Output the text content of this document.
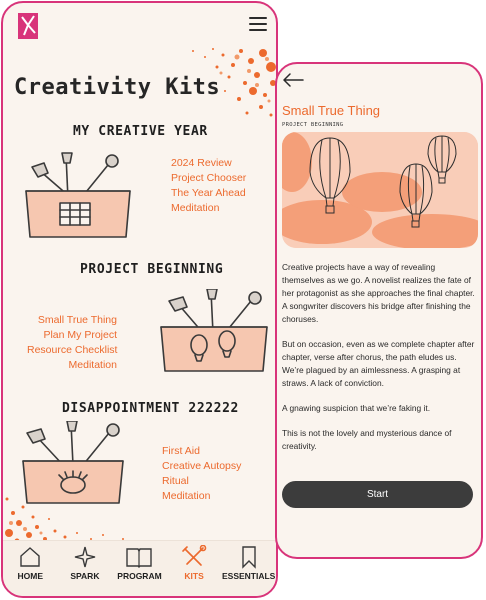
Creativity Kits
MY CREATIVE YEAR
2024 Review
Project Chooser
The Year Ahead
Meditation
PROJECT BEGINNING
Small True Thing
Plan My Project
Resource Checklist
Meditation
DISAPPOINTMENT 222222
First Aid
Creative Autopsy
Ritual
Meditation
HOME	SPARK	PROGRAM	KITS	ESSENTIALS
Small True Thing
PROJECT BEGINNING

Creative projects have a way of revealing themselves as we go. A novelist realizes the fate of her protagonist as she approaches the final chapter. A songwriter discovers his bridge after finishing the choruses.

But on occasion, even as we complete chapter after chapter, verse after chorus, the path eludes us. We’re plagued by an aimlessness. A grasping at straws. A lack of conviction.

A gnawing suspicion that we’re faking it.

This is not the lovely and mysterious dance of creativity.

Start
